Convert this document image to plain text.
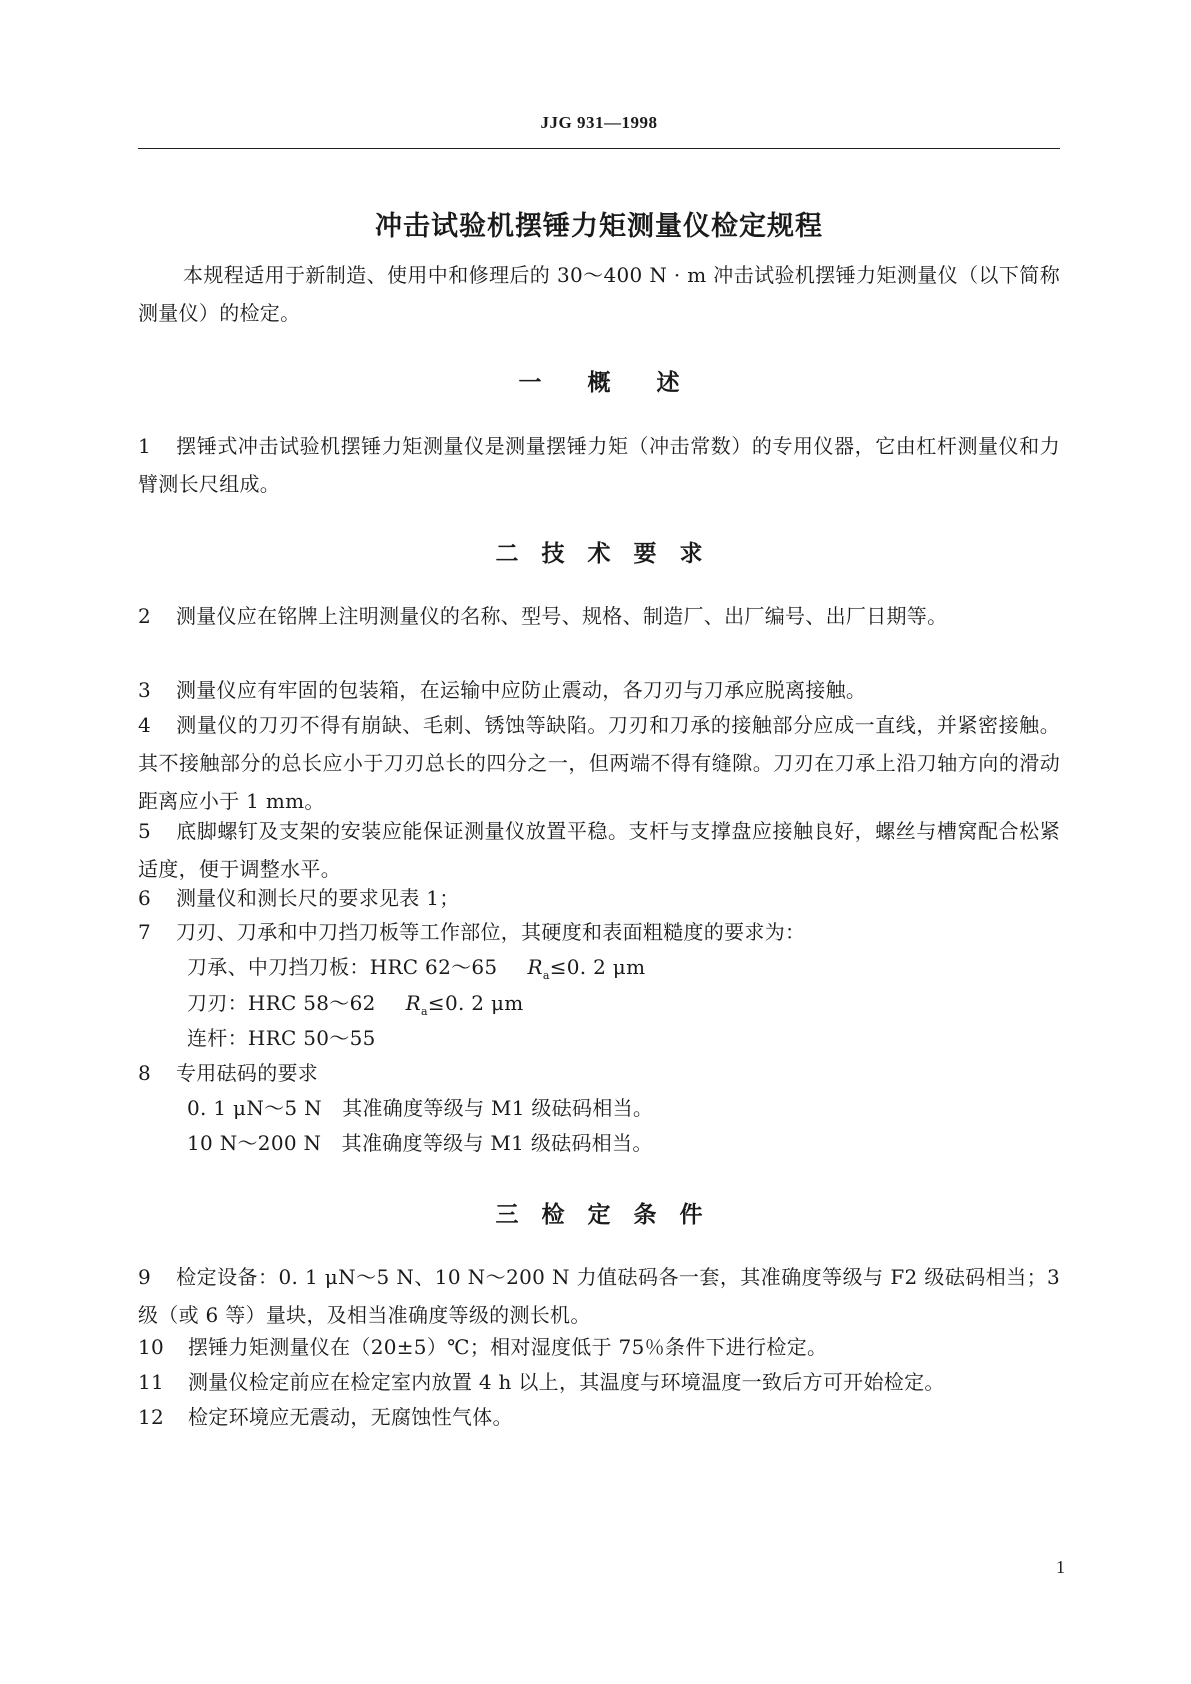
JJG 931—1998
冲击试验机摆锤力矩测量仪检定规程
本规程适用于新制造、使用中和修理后的 30～400 N · m 冲击试验机摆锤力矩测量仪（以下简称测量仪）的检定。
一　　概　　述
1 摆锤式冲击试验机摆锤力矩测量仪是测量摆锤力矩（冲击常数）的专用仪器，它由杠杆测量仪和力臂测长尺组成。
二　技　术　要　求
2 测量仪应在铭牌上注明测量仪的名称、型号、规格、制造厂、出厂编号、出厂日期等。
3 测量仪应有牢固的包装箱，在运输中应防止震动，各刀刃与刀承应脱离接触。
4 测量仪的刀刃不得有崩缺、毛刺、锈蚀等缺陷。刀刃和刀承的接触部分应成一直线，并紧密接触。其不接触部分的总长应小于刀刃总长的四分之一，但两端不得有缝隙。刀刃在刀承上沿刀轴方向的滑动距离应小于 1 mm。
5 底脚螺钉及支架的安装应能保证测量仪放置平稳。支杆与支撑盘应接触良好，螺丝与槽窝配合松紧适度，便于调整水平。
6 测量仪和测长尺的要求见表 1；
7 刀刃、刀承和中刀挡刀板等工作部位，其硬度和表面粗糙度的要求为：
刀承、中刀挡刀板：HRC 62～65 $R_a\le 0$. 2 μm
刀刃：HRC 58～62 $R_a\le 0$. 2 μm
连杆：HRC 50～55
8 专用砝码的要求
0. 1 μN～5 N　其准确度等级与 M1 级砝码相当。
10 N～200 N　其准确度等级与 M1 级砝码相当。
三　检　定　条　件
9 检定设备：0. 1 μN～5 N、10 N～200 N 力值砝码各一套，其准确度等级与 F2 级砝码相当；3 级（或 6 等）量块，及相当准确度等级的测长机。
10 摆锤力矩测量仪在（20±5）℃；相对湿度低于 75％条件下进行检定。
11 测量仪检定前应在检定室内放置 4 h 以上，其温度与环境温度一致后方可开始检定。
12 检定环境应无震动，无腐蚀性气体。
1
